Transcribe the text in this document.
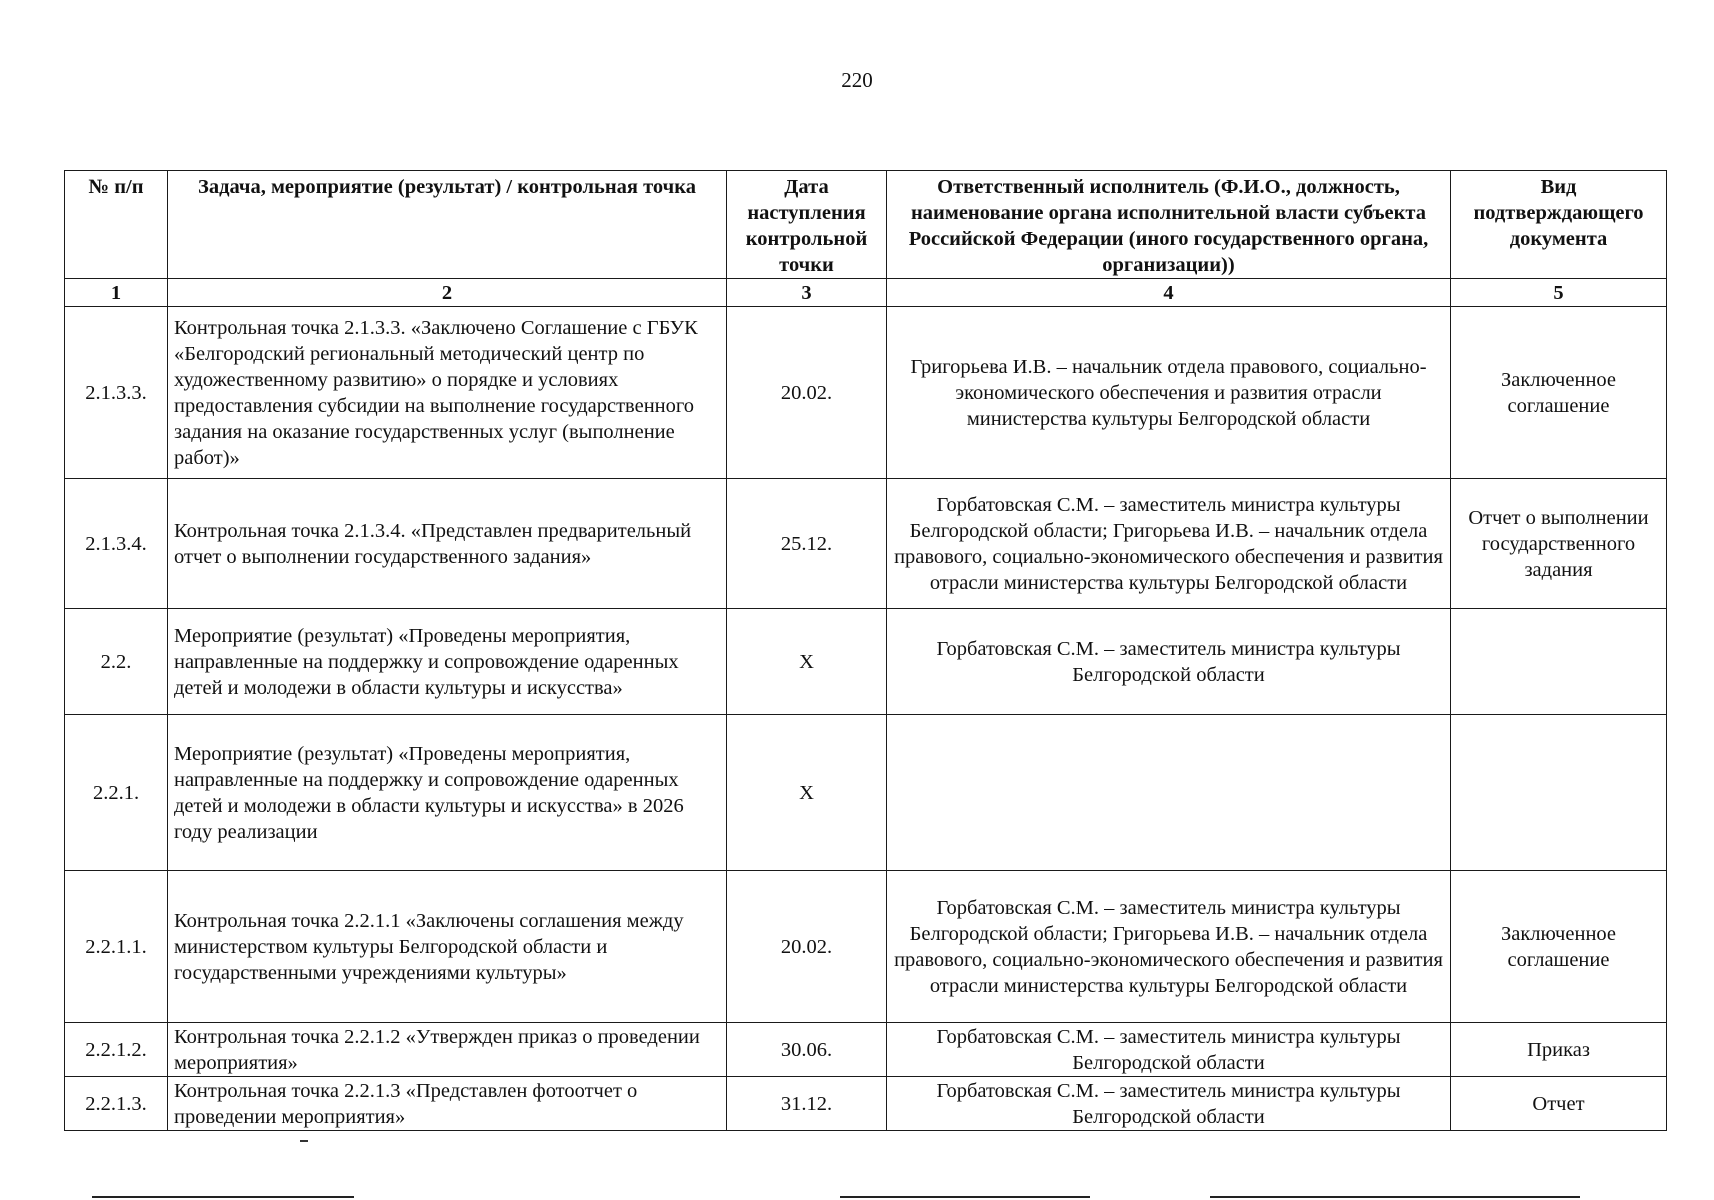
220
№ п/п	Задача, мероприятие (результат) / контрольная точка	Дата наступления контрольной точки	Ответственный исполнитель (Ф.И.О., должность, наименование органа исполнительной власти субъекта Российской Федерации (иного государственного органа, организации))	Вид подтверждающего документа
1	2	3	4	5
2.1.3.3.	Контрольная точка 2.1.3.3. «Заключено Соглашение с ГБУК «Белгородский региональный методический центр по художественному развитию» о порядке и условиях предоставления субсидии на выполнение государственного задания на оказание государственных услуг (выполнение работ)»	20.02.	Григорьева И.В. – начальник отдела правового, социально-экономического обеспечения и развития отрасли министерства культуры Белгородской области	Заключенное соглашение
2.1.3.4.	Контрольная точка 2.1.3.4. «Представлен предварительный отчет о выполнении государственного задания»	25.12.	Горбатовская С.М. – заместитель министра культуры Белгородской области; Григорьева И.В. – начальник отдела правового, социально-экономического обеспечения и развития отрасли министерства культуры Белгородской области	Отчет о выполнении государственного задания
2.2.	Мероприятие (результат) «Проведены мероприятия, направленные на поддержку и сопровождение одаренных детей и молодежи в области культуры и искусства»	Х	Горбатовская С.М. – заместитель министра культуры Белгородской области	
2.2.1.	Мероприятие (результат) «Проведены мероприятия, направленные на поддержку и сопровождение одаренных детей и молодежи в области культуры и искусства» в 2026 году реализации	Х		
2.2.1.1.	Контрольная точка 2.2.1.1 «Заключены соглашения между министерством культуры Белгородской области и государственными учреждениями культуры»	20.02.	Горбатовская С.М. – заместитель министра культуры Белгородской области; Григорьева И.В. – начальник отдела правового, социально-экономического обеспечения и развития отрасли министерства культуры Белгородской области	Заключенное соглашение
2.2.1.2.	Контрольная точка 2.2.1.2 «Утвержден приказ о проведении мероприятия»	30.06.	Горбатовская С.М. – заместитель министра культуры Белгородской области	Приказ
2.2.1.3.	Контрольная точка 2.2.1.3 «Представлен фотоотчет о проведении мероприятия»	31.12.	Горбатовская С.М. – заместитель министра культуры Белгородской области	Отчет
